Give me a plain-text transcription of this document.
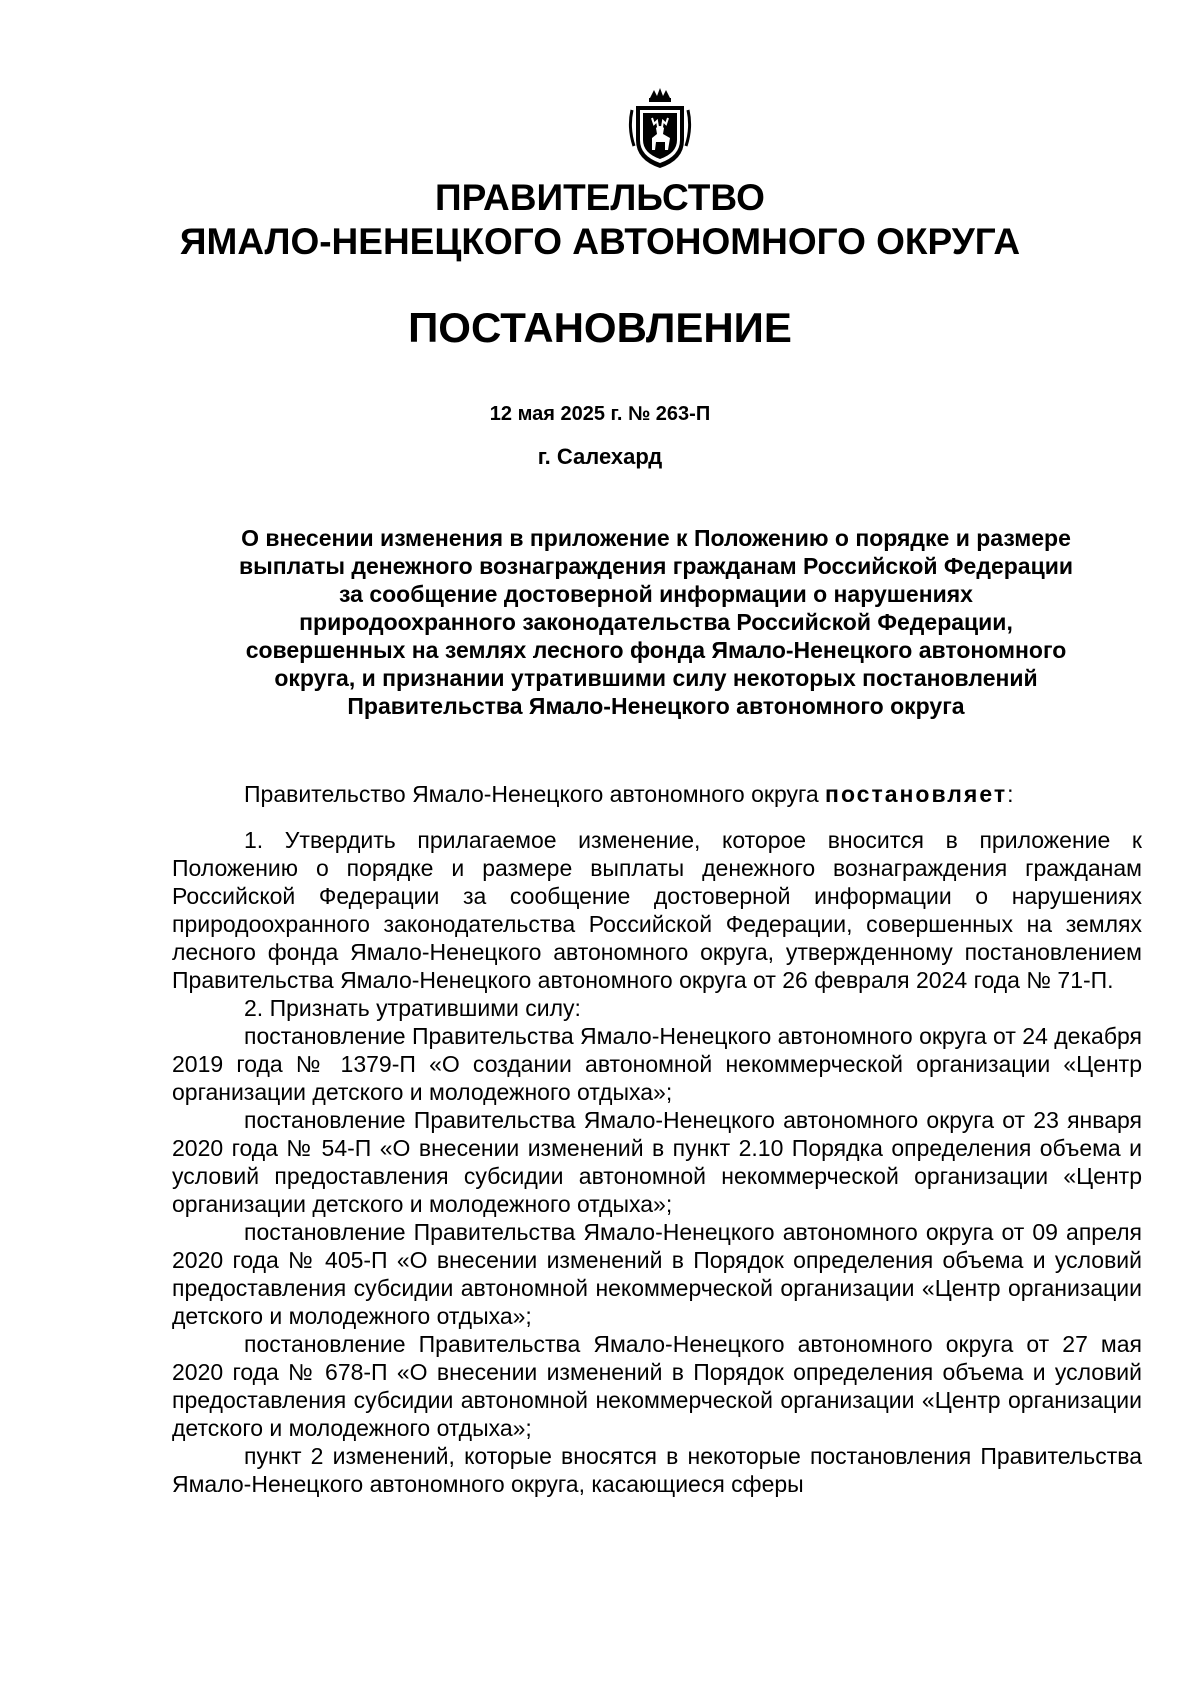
ПРАВИТЕЛЬСТВО
ЯМАЛО-НЕНЕЦКОГО АВТОНОМНОГО ОКРУГА
ПОСТАНОВЛЕНИЕ
12 мая 2025 г. № 263-П
г. Салехард
О внесении изменения в приложение к Положению о порядке и размере
выплаты денежного вознаграждения гражданам Российской Федерации
за сообщение достоверной информации о нарушениях
природоохранного законодательства Российской Федерации,
совершенных на землях лесного фонда Ямало-Ненецкого автономного
округа, и признании утратившими силу некоторых постановлений
Правительства Ямало-Ненецкого автономного округа

Правительство Ямало-Ненецкого автономного округа постановляет:

1. Утвердить прилагаемое изменение, которое вносится в приложение к Положению о порядке и размере выплаты денежного вознаграждения гражданам Российской Федерации за сообщение достоверной информации о нарушениях природоохранного законодательства Российской Федерации, совершенных на землях лесного фонда Ямало-Ненецкого автономного округа, утвержденному постановлением Правительства Ямало-Ненецкого автономного округа от 26 февраля 2024 года № 71-П.

2. Признать утратившими силу:

постановление Правительства Ямало-Ненецкого автономного округа от 24 декабря 2019 года № 1379-П «О создании автономной некоммерческой организации «Центр организации детского и молодежного отдыха»;

постановление Правительства Ямало-Ненецкого автономного округа от 23 января 2020 года № 54-П «О внесении изменений в пункт 2.10 Порядка определения объема и условий предоставления субсидии автономной некоммерческой организации «Центр организации детского и молодежного отдыха»;

постановление Правительства Ямало-Ненецкого автономного округа от 09 апреля 2020 года № 405-П «О внесении изменений в Порядок определения объема и условий предоставления субсидии автономной некоммерческой организации «Центр организации детского и молодежного отдыха»;

постановление Правительства Ямало-Ненецкого автономного округа от 27 мая 2020 года № 678-П «О внесении изменений в Порядок определения объема и условий предоставления субсидии автономной некоммерческой организации «Центр организации детского и молодежного отдыха»;

пункт 2 изменений, которые вносятся в некоторые постановления Правительства Ямало-Ненецкого автономного округа, касающиеся сферы
